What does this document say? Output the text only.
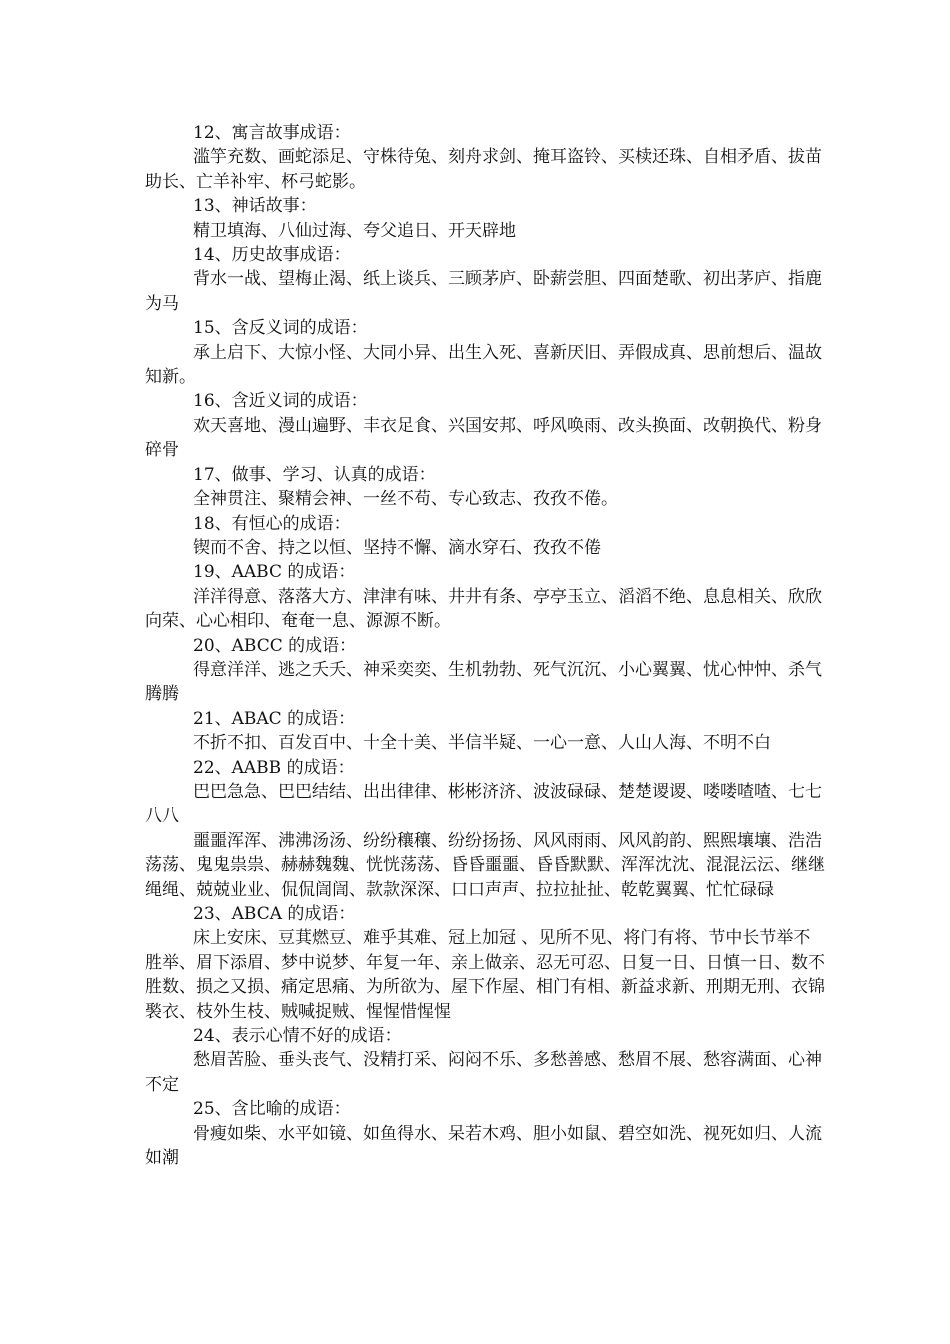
12、寓言故事成语：

滥竽充数、画蛇添足、守株待兔、刻舟求剑、掩耳盗铃、买椟还珠、自相矛盾、拔苗助长、亡羊补牢、杯弓蛇影。

13、神话故事：

精卫填海、八仙过海、夸父追日、开天辟地

14、历史故事成语：

背水一战、望梅止渴、纸上谈兵、三顾茅庐、卧薪尝胆、四面楚歌、初出茅庐、指鹿为马

15、含反义词的成语：

承上启下、大惊小怪、大同小异、出生入死、喜新厌旧、弄假成真、思前想后、温故知新。

16、含近义词的成语：

欢天喜地、漫山遍野、丰衣足食、兴国安邦、呼风唤雨、改头换面、改朝换代、粉身碎骨

17、做事、学习、认真的成语：

全神贯注、聚精会神、一丝不苟、专心致志、孜孜不倦。

18、有恒心的成语：

锲而不舍、持之以恒、坚持不懈、滴水穿石、孜孜不倦

19、AABC 的成语：

洋洋得意、落落大方、津津有味、井井有条、亭亭玉立、滔滔不绝、息息相关、欣欣向荣、心心相印、奄奄一息、源源不断。

20、ABCC 的成语：

得意洋洋、逃之夭夭、神采奕奕、生机勃勃、死气沉沉、小心翼翼、忧心忡忡、杀气腾腾

21、ABAC 的成语：

不折不扣、百发百中、十全十美、半信半疑、一心一意、人山人海、不明不白

22、AABB 的成语：

巴巴急急、巴巴结结、出出律律、彬彬济济、波波碌碌、楚楚谡谡、喽喽喳喳、七七八八

噩噩浑浑、沸沸汤汤、纷纷穰穰、纷纷扬扬、风风雨雨、风风韵韵、熙熙壤壤、浩浩荡荡、鬼鬼祟祟、赫赫魏魏、恍恍荡荡、昏昏噩噩、昏昏默默、浑浑沈沈、混混沄沄、继继绳绳、兢兢业业、侃侃訚訚、款款深深、口口声声、拉拉扯扯、乾乾翼翼、忙忙碌碌

23、ABCA 的成语：

床上安床、豆萁燃豆、难乎其难、冠上加冠 、见所不见、将门有将、节中长节举不胜举、眉下添眉、梦中说梦、年复一年、亲上做亲、忍无可忍、日复一日、日慎一日、数不胜数、损之又损、痛定思痛、为所欲为、屋下作屋、相门有相、新益求新、刑期无刑、衣锦褧衣、枝外生枝、贼喊捉贼、惺惺惜惺惺

24、表示心情不好的成语：

愁眉苦脸、垂头丧气、没精打采、闷闷不乐、多愁善感、愁眉不展、愁容满面、心神不定

25、含比喻的成语：

骨瘦如柴、水平如镜、如鱼得水、呆若木鸡、胆小如鼠、碧空如洗、视死如归、人流如潮
